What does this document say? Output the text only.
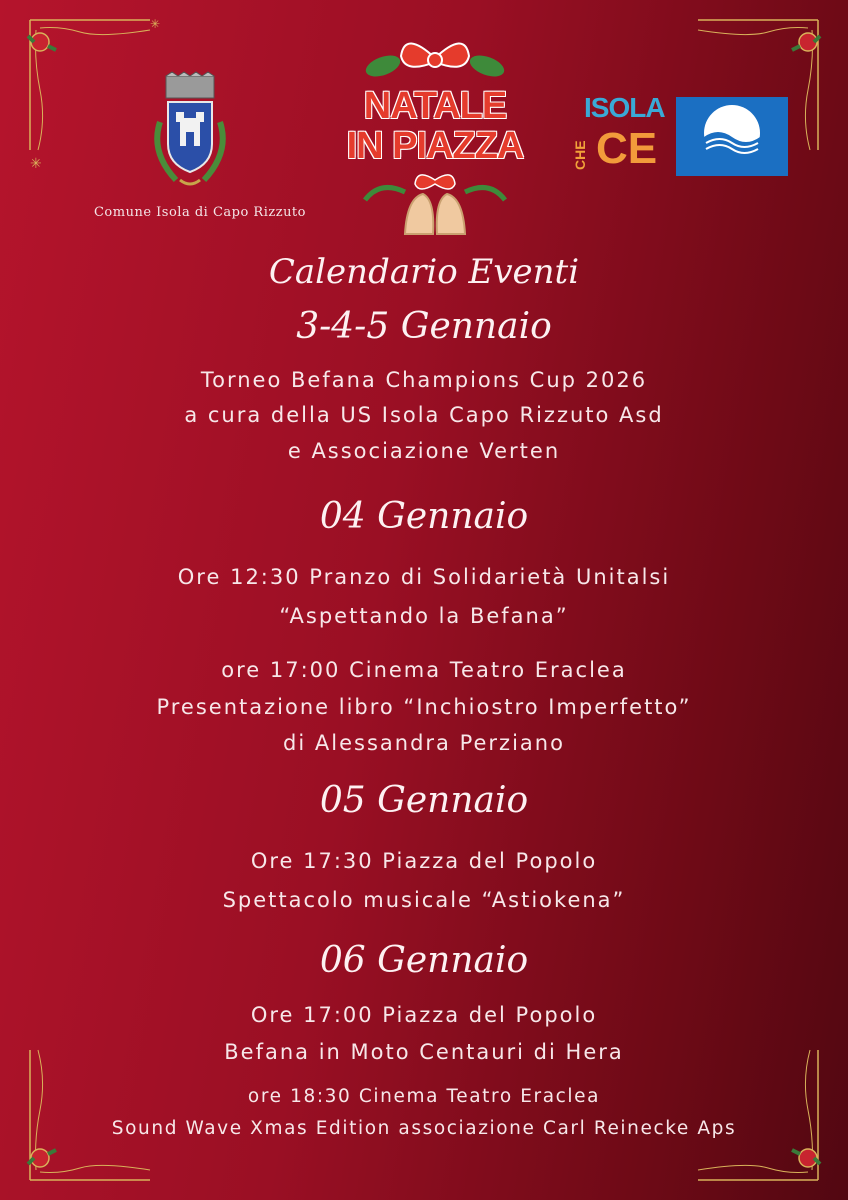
✳
✳
Comune Isola di Capo Rizzuto
NATALE
IN PIAZZA
ISOLA
CHE CE
Calendario Eventi
3-4-5 Gennaio
Torneo Befana Champions Cup 2026
a cura della US Isola Capo Rizzuto Asd
e Associazione Verten
04 Gennaio
Ore 12:30 Pranzo di Solidarietà Unitalsi
“Aspettando la Befana”
ore 17:00 Cinema Teatro Eraclea
Presentazione libro “Inchiostro Imperfetto”
di Alessandra Perziano
05 Gennaio
Ore 17:30 Piazza del Popolo
Spettacolo musicale “Astiokena”
06 Gennaio
Ore 17:00 Piazza del Popolo
Befana in Moto Centauri di Hera
ore 18:30 Cinema Teatro Eraclea
Sound Wave Xmas Edition associazione Carl Reinecke Aps
